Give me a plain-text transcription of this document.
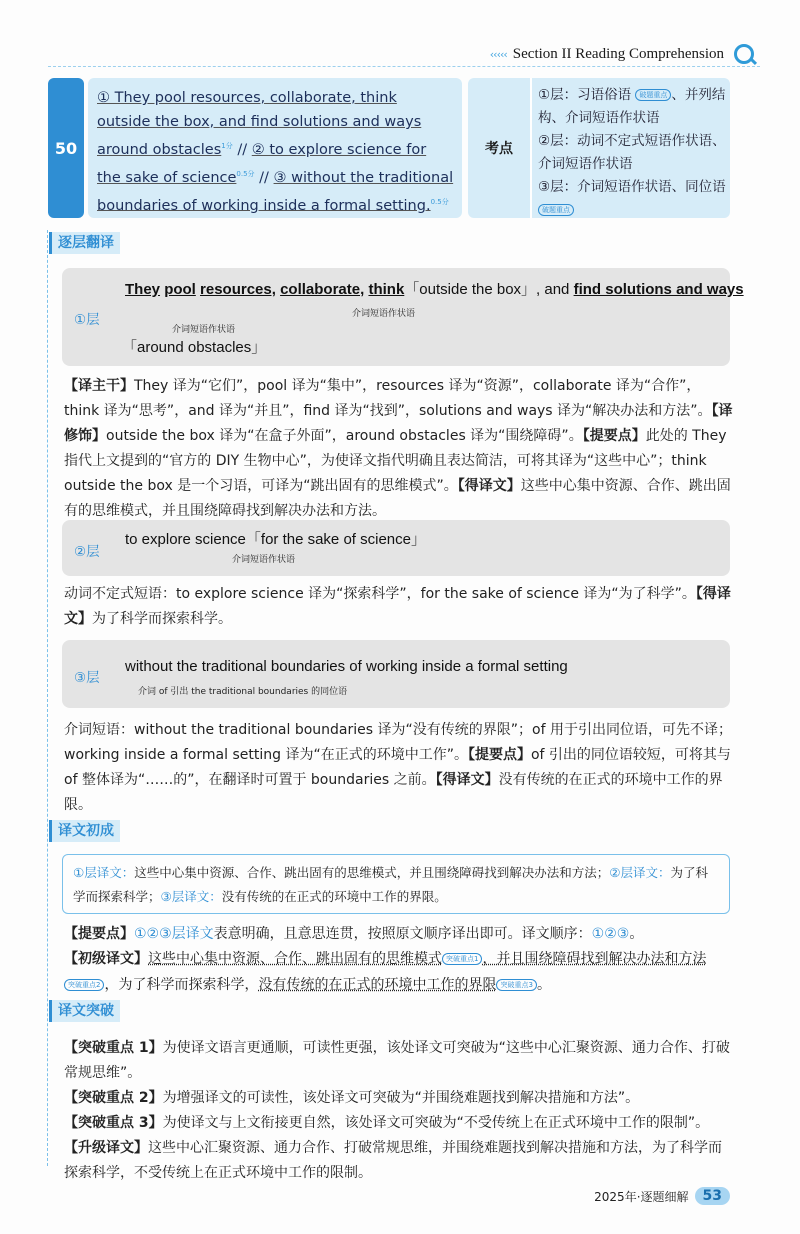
‹‹‹‹‹ Section II Reading Comprehension
50
① They pool resources, collaborate, think outside the box, and find solutions and ways around obstacles$^{1分}$ // ② to explore science for the sake of science$^{0.5分}$ // ③ without the traditional boundaries of working inside a formal setting.$^{0.5分}$
考点
①层：习语俗语 破题重点 、并列结构、介词短语作状语
②层：动词不定式短语作状语、介词短语作状语
③层：介词短语作状语、同位语 破题重点
逐层翻译
①层
They pool resources, collaborate, think「outside the box」, and find solutions and ways
介词短语作状语
介词短语作状语
「around obstacles」
【译主干】They 译为“它们”，pool 译为“集中”，resources 译为“资源”，collaborate 译为“合作”，think 译为“思考”，and 译为“并且”，find 译为“找到”，solutions and ways 译为“解决办法和方法”。【译修饰】outside the box 译为“在盒子外面”，around obstacles 译为“围绕障碍”。【提要点】此处的 They 指代上文提到的“官方的 DIY 生物中心”，为使译文指代明确且表达简洁，可将其译为“这些中心”；think outside the box 是一个习语，可译为“跳出固有的思维模式”。【得译文】这些中心集中资源、合作、跳出固有的思维模式，并且围绕障碍找到解决办法和方法。
②层
to explore science「for the sake of science」
介词短语作状语
动词不定式短语：to explore science 译为“探索科学”，for the sake of science 译为“为了科学”。【得译文】为了科学而探索科学。
③层
without the traditional boundaries of working inside a formal setting
介词 of 引出 the traditional boundaries 的同位语
介词短语：without the traditional boundaries 译为“没有传统的界限”；of 用于引出同位语，可先不译；working inside a formal setting 译为“在正式的环境中工作”。【提要点】of 引出的同位语较短，可将其与 of 整体译为“……的”，在翻译时可置于 boundaries 之前。【得译文】没有传统的在正式的环境中工作的界限。
译文初成
①层译文：这些中心集中资源、合作、跳出固有的思维模式，并且围绕障碍找到解决办法和方法；②层译文：为了科学而探索科学；③层译文：没有传统的在正式的环境中工作的界限。
【提要点】①②③层译文表意明确，且意思连贯，按照原文顺序译出即可。译文顺序：①②③。
【初级译文】这些中心集中资源、合作、跳出固有的思维模式 突破重点1 ，并且围绕障碍找到解决办法和方法突破重点2 ，为了科学而探索科学，没有传统的在正式的环境中工作的界限 突破重点3 。
译文突破
【突破重点 1】为使译文语言更通顺，可读性更强，该处译文可突破为“这些中心汇聚资源、通力合作、打破常规思维”。
【突破重点 2】为增强译文的可读性，该处译文可突破为“并围绕难题找到解决措施和方法”。
【突破重点 3】为使译文与上文衔接更自然，该处译文可突破为“不受传统上在正式环境中工作的限制”。
【升级译文】这些中心汇聚资源、通力合作、打破常规思维，并围绕难题找到解决措施和方法，为了科学而探索科学，不受传统上在正式环境中工作的限制。
2025年·逐题细解	53
